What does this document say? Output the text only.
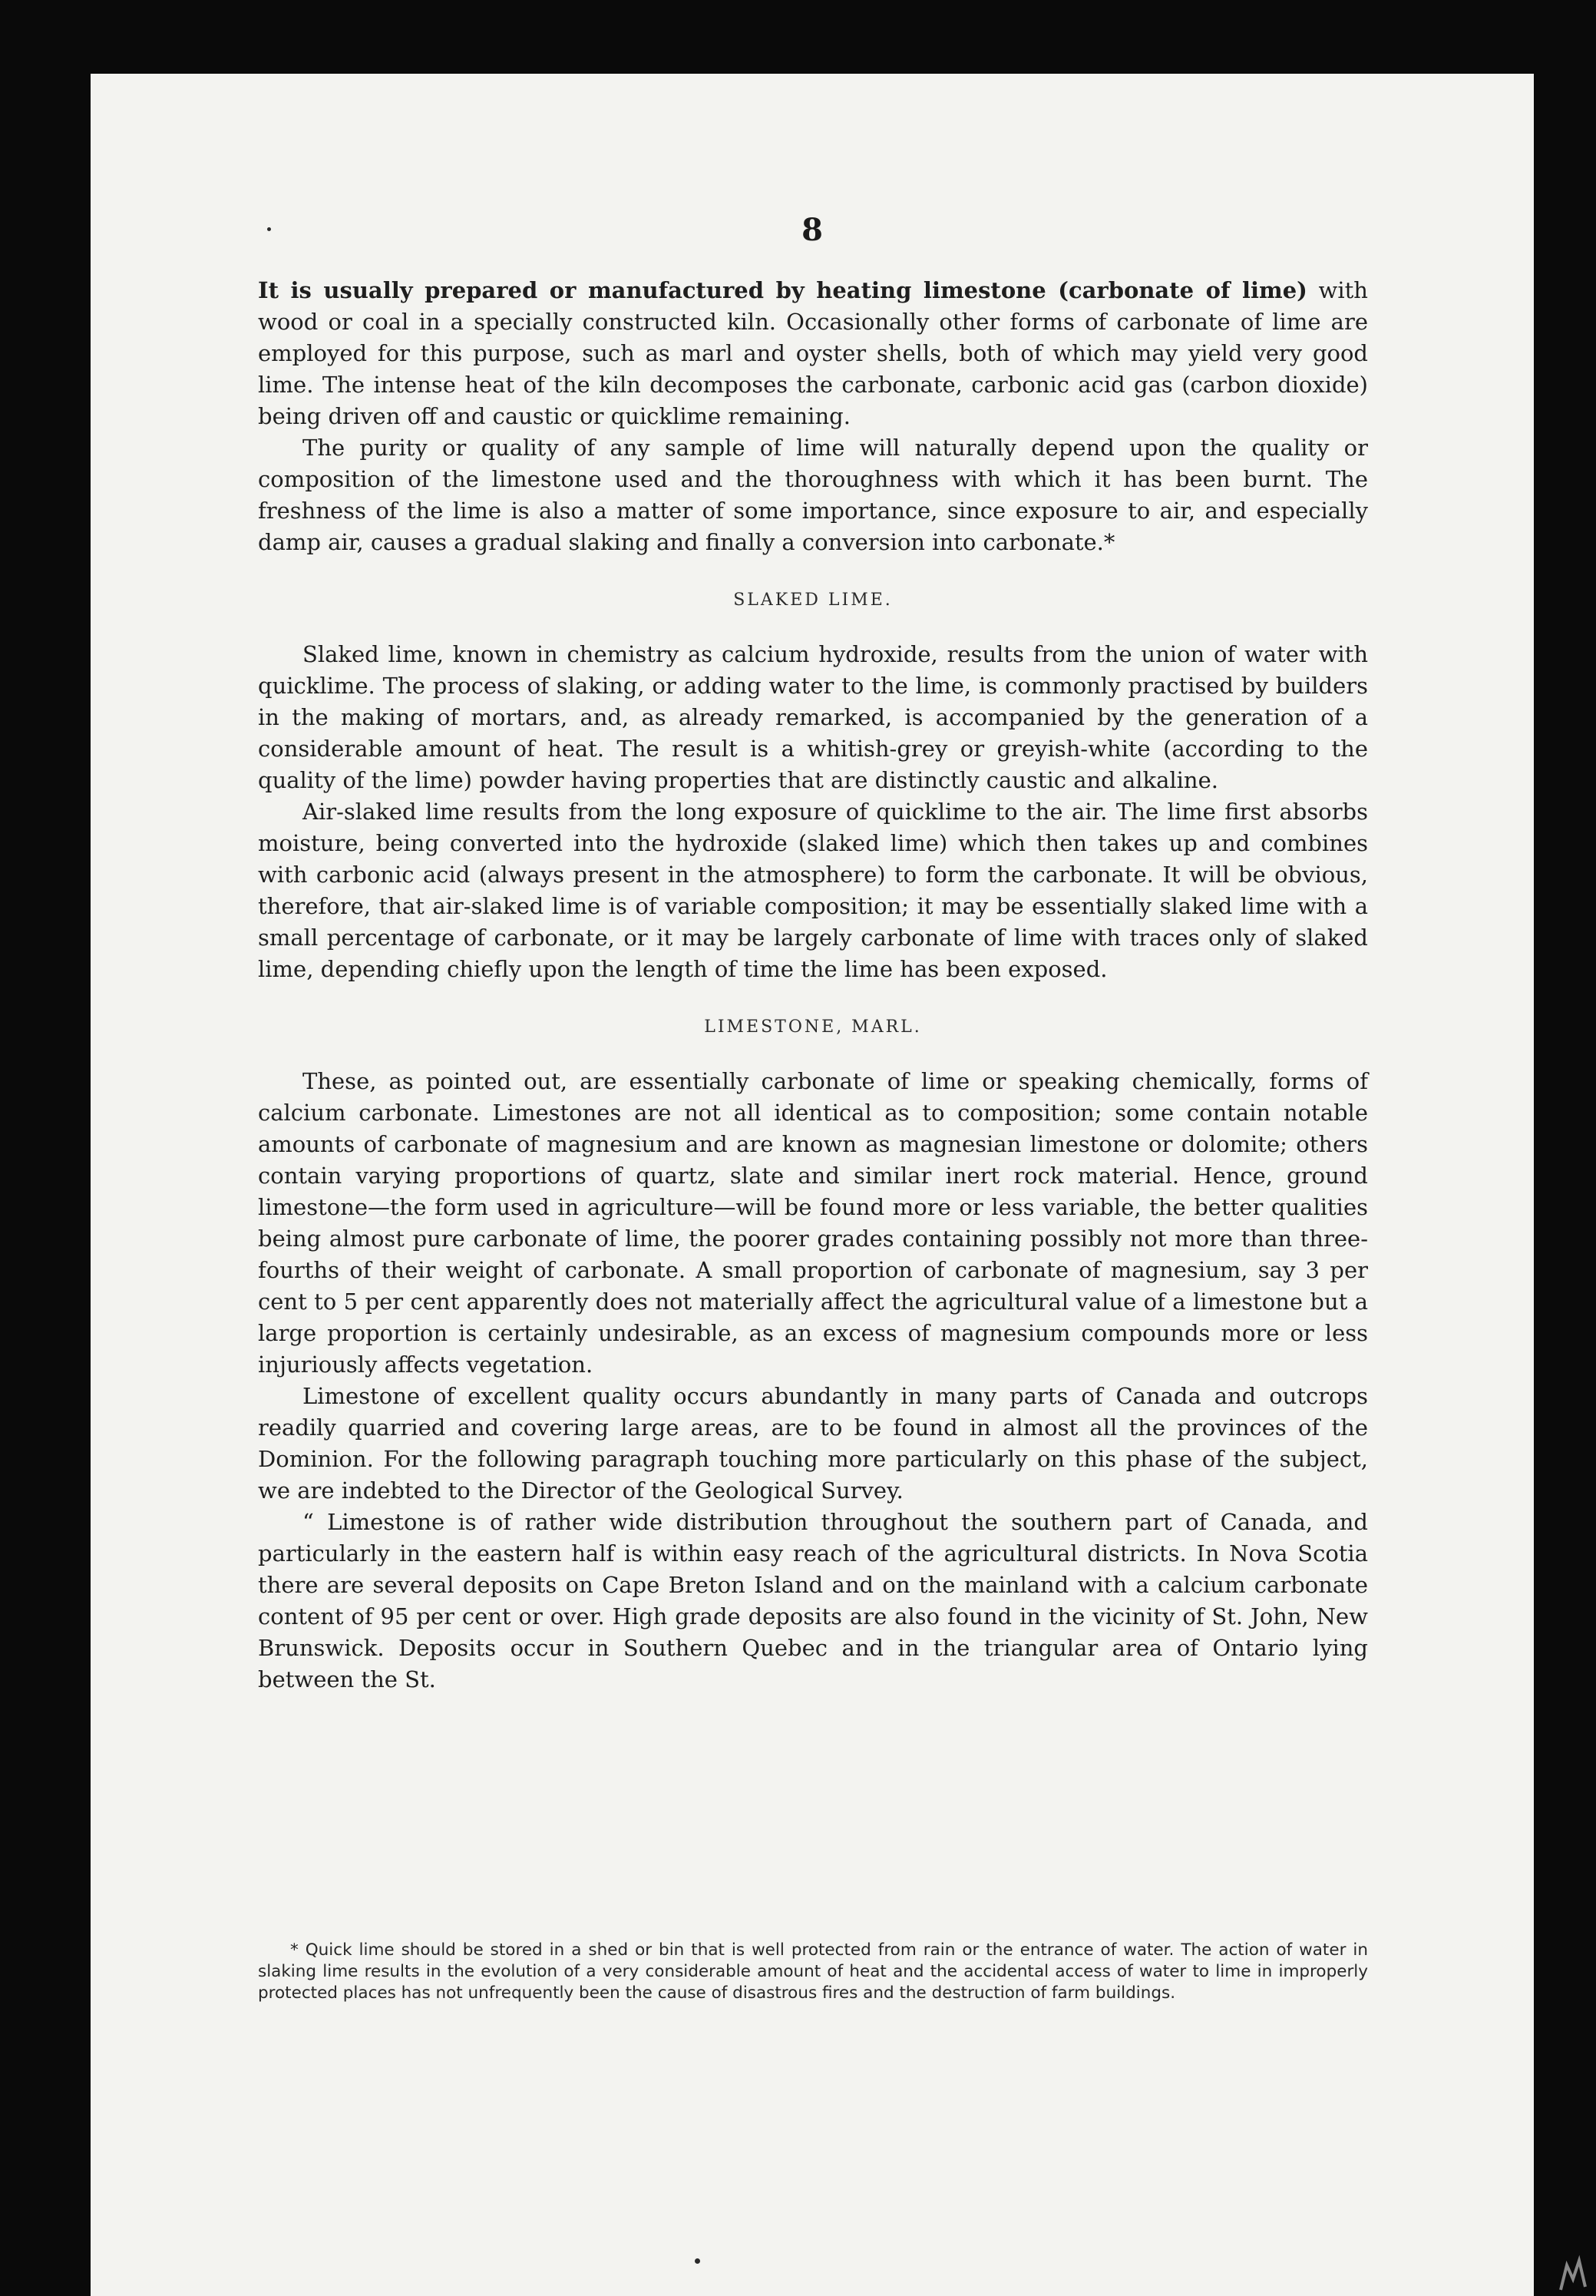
8

It is usually prepared or manufactured by heating limestone (carbonate of lime) with wood or coal in a specially constructed kiln. Occasionally other forms of carbonate of lime are employed for this purpose, such as marl and oyster shells, both of which may yield very good lime. The intense heat of the kiln decomposes the carbonate, carbonic acid gas (carbon dioxide) being driven off and caustic or quicklime remaining.

The purity or quality of any sample of lime will naturally depend upon the quality or composition of the limestone used and the thoroughness with which it has been burnt. The freshness of the lime is also a matter of some importance, since exposure to air, and especially damp air, causes a gradual slaking and finally a conversion into carbonate.*

SLAKED LIME.

Slaked lime, known in chemistry as calcium hydroxide, results from the union of water with quicklime. The process of slaking, or adding water to the lime, is commonly practised by builders in the making of mortars, and, as already remarked, is accompanied by the generation of a considerable amount of heat. The result is a whitish-grey or greyish-white (according to the quality of the lime) powder having properties that are distinctly caustic and alkaline.

Air-slaked lime results from the long exposure of quicklime to the air. The lime first absorbs moisture, being converted into the hydroxide (slaked lime) which then takes up and combines with carbonic acid (always present in the atmosphere) to form the carbonate. It will be obvious, therefore, that air-slaked lime is of variable composition; it may be essentially slaked lime with a small percentage of carbonate, or it may be largely carbonate of lime with traces only of slaked lime, depending chiefly upon the length of time the lime has been exposed.

LIMESTONE, MARL.

These, as pointed out, are essentially carbonate of lime or speaking chemically, forms of calcium carbonate. Limestones are not all identical as to composition; some contain notable amounts of carbonate of magnesium and are known as magnesian limestone or dolomite; others contain varying proportions of quartz, slate and similar inert rock material. Hence, ground limestone—the form used in agriculture—will be found more or less variable, the better qualities being almost pure carbonate of lime, the poorer grades containing possibly not more than three-fourths of their weight of carbonate. A small proportion of carbonate of magnesium, say 3 per cent to 5 per cent apparently does not materially affect the agricultural value of a limestone but a large proportion is certainly undesirable, as an excess of magnesium compounds more or less injuriously affects vegetation.

Limestone of excellent quality occurs abundantly in many parts of Canada and outcrops readily quarried and covering large areas, are to be found in almost all the provinces of the Dominion. For the following paragraph touching more particularly on this phase of the subject, we are indebted to the Director of the Geological Survey.

“ Limestone is of rather wide distribution throughout the southern part of Canada, and particularly in the eastern half is within easy reach of the agricultural districts. In Nova Scotia there are several deposits on Cape Breton Island and on the mainland with a calcium carbonate content of 95 per cent or over. High grade deposits are also found in the vicinity of St. John, New Brunswick. Deposits occur in Southern Quebec and in the triangular area of Ontario lying between the St.

* Quick lime should be stored in a shed or bin that is well protected from rain or the entrance of water. The action of water in slaking lime results in the evolution of a very considerable amount of heat and the accidental access of water to lime in improperly protected places has not unfrequently been the cause of disastrous fires and the destruction of farm buildings.
